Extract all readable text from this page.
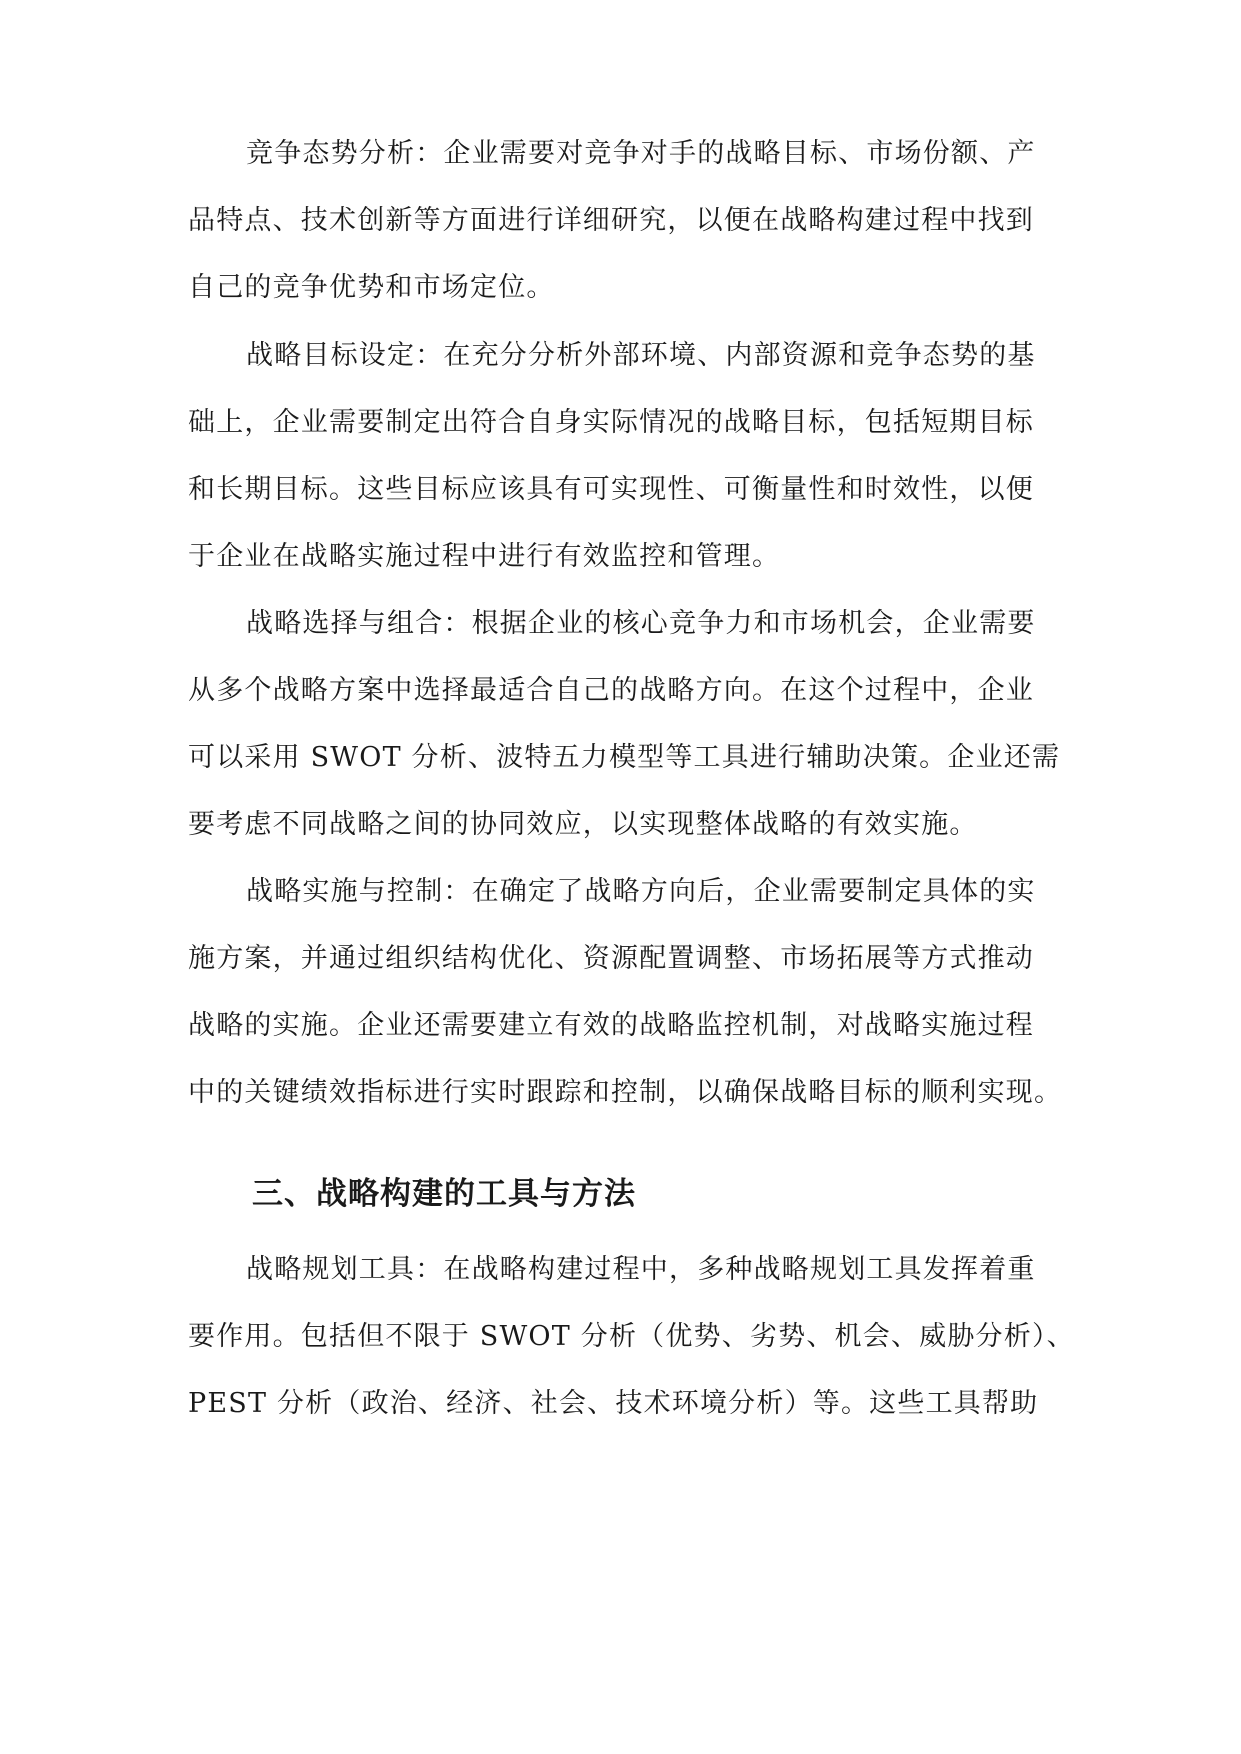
竞争态势分析：企业需要对竞争对手的战略目标、市场份额、产
品特点、技术创新等方面进行详细研究，以便在战略构建过程中找到
自己的竞争优势和市场定位。
战略目标设定：在充分分析外部环境、内部资源和竞争态势的基
础上，企业需要制定出符合自身实际情况的战略目标，包括短期目标
和长期目标。这些目标应该具有可实现性、可衡量性和时效性，以便
于企业在战略实施过程中进行有效监控和管理。
战略选择与组合：根据企业的核心竞争力和市场机会，企业需要
从多个战略方案中选择最适合自己的战略方向。在这个过程中，企业
可以采用 SWOT 分析、波特五力模型等工具进行辅助决策。企业还需
要考虑不同战略之间的协同效应，以实现整体战略的有效实施。
战略实施与控制：在确定了战略方向后，企业需要制定具体的实
施方案，并通过组织结构优化、资源配置调整、市场拓展等方式推动
战略的实施。企业还需要建立有效的战略监控机制，对战略实施过程
中的关键绩效指标进行实时跟踪和控制，以确保战略目标的顺利实现。
三、战略构建的工具与方法
战略规划工具：在战略构建过程中，多种战略规划工具发挥着重
要作用。包括但不限于 SWOT 分析（优势、劣势、机会、威胁分析）、
PEST 分析（政治、经济、社会、技术环境分析）等。这些工具帮助
